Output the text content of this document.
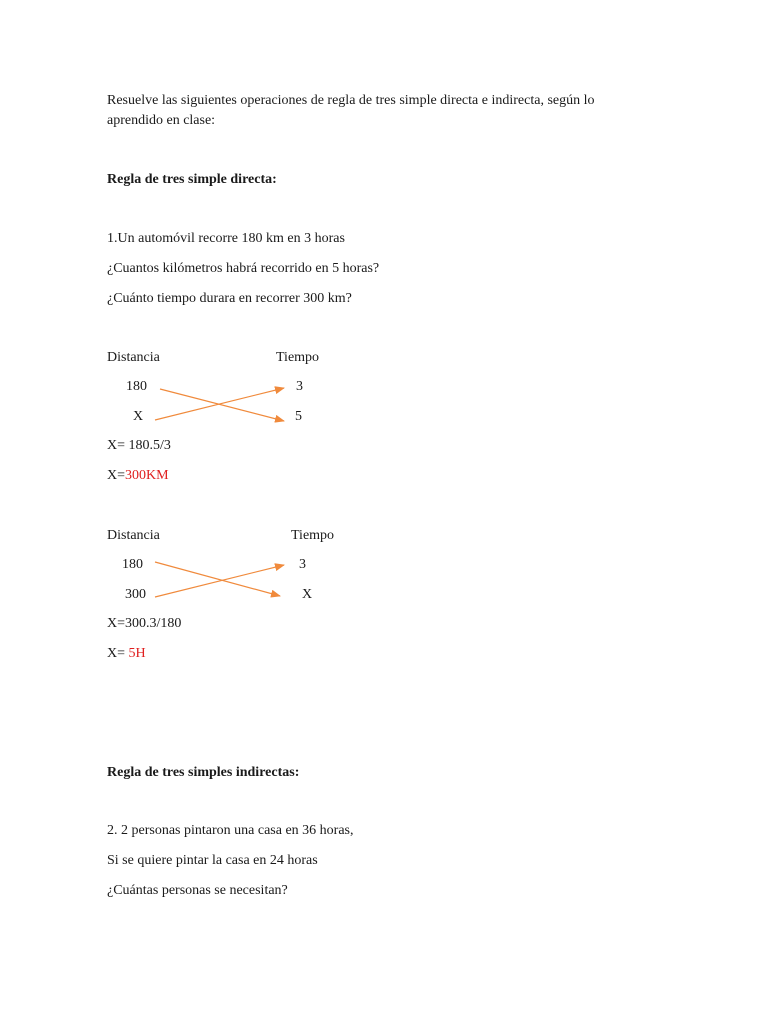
Resuelve las siguientes operaciones de regla de tres simple directa e indirecta, según lo
aprendido en clase:
Regla de tres simple directa:
1.Un automóvil recorre 180 km en 3 horas
¿Cuantos kilómetros habrá recorrido en 5 horas?
¿Cuánto tiempo durara en recorrer 300 km?
Distancia	Tiempo
180	3
X	5
X= 180.5/3
X=300KM
Distancia	Tiempo
180	3
300	X
X=300.3/180
X= 5H
Regla de tres simples indirectas:
2. 2 personas pintaron una casa en 36 horas,
Si se quiere pintar la casa en 24 horas
¿Cuántas personas se necesitan?
